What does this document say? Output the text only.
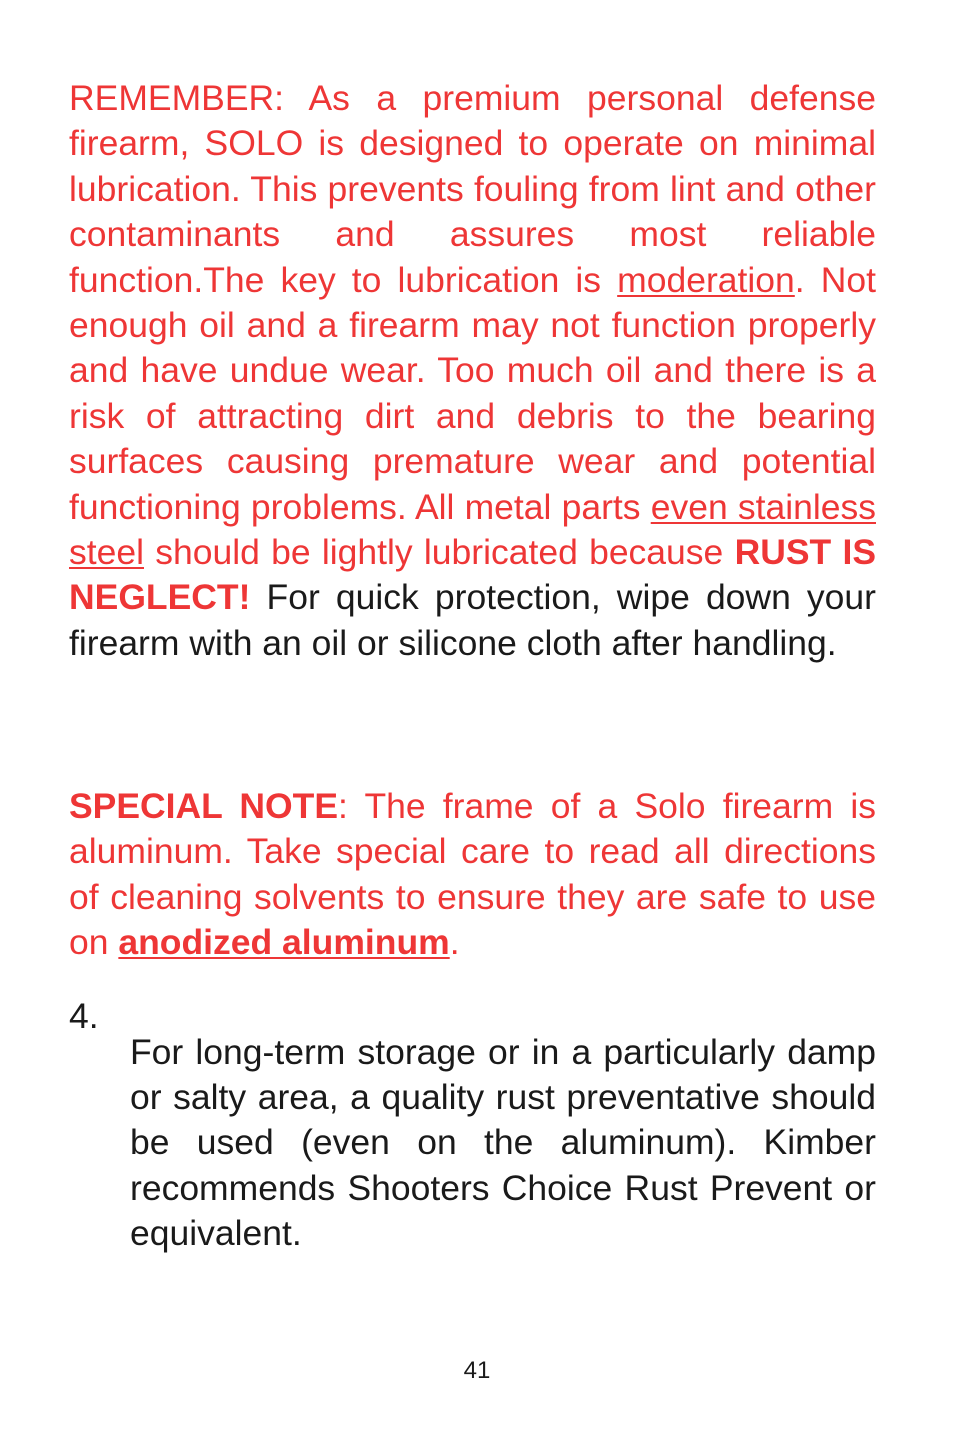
REMEMBER: As a premium personal defense firearm, SOLO is designed to operate on minimal lubrication. This prevents fouling from lint and other contaminants and assures most reliable function.The key to lubrication is moderation. Not enough oil and a firearm may not function properly and have undue wear. Too much oil and there is a risk of attracting dirt and debris to the bearing surfaces causing premature wear and potential functioning problems. All metal parts even stainless steel should be lightly lubricated because RUST IS NEGLECT! For quick protection, wipe down your firearm with an oil or silicone cloth after handling.

SPECIAL NOTE: The frame of a Solo firearm is aluminum. Take special care to read all directions of cleaning solvents to ensure they are safe to use on anodized aluminum.

4.

For long-term storage or in a particularly damp or salty area, a quality rust preventative should be used (even on the aluminum). Kimber recommends Shooters Choice Rust Prevent or equivalent.

41
